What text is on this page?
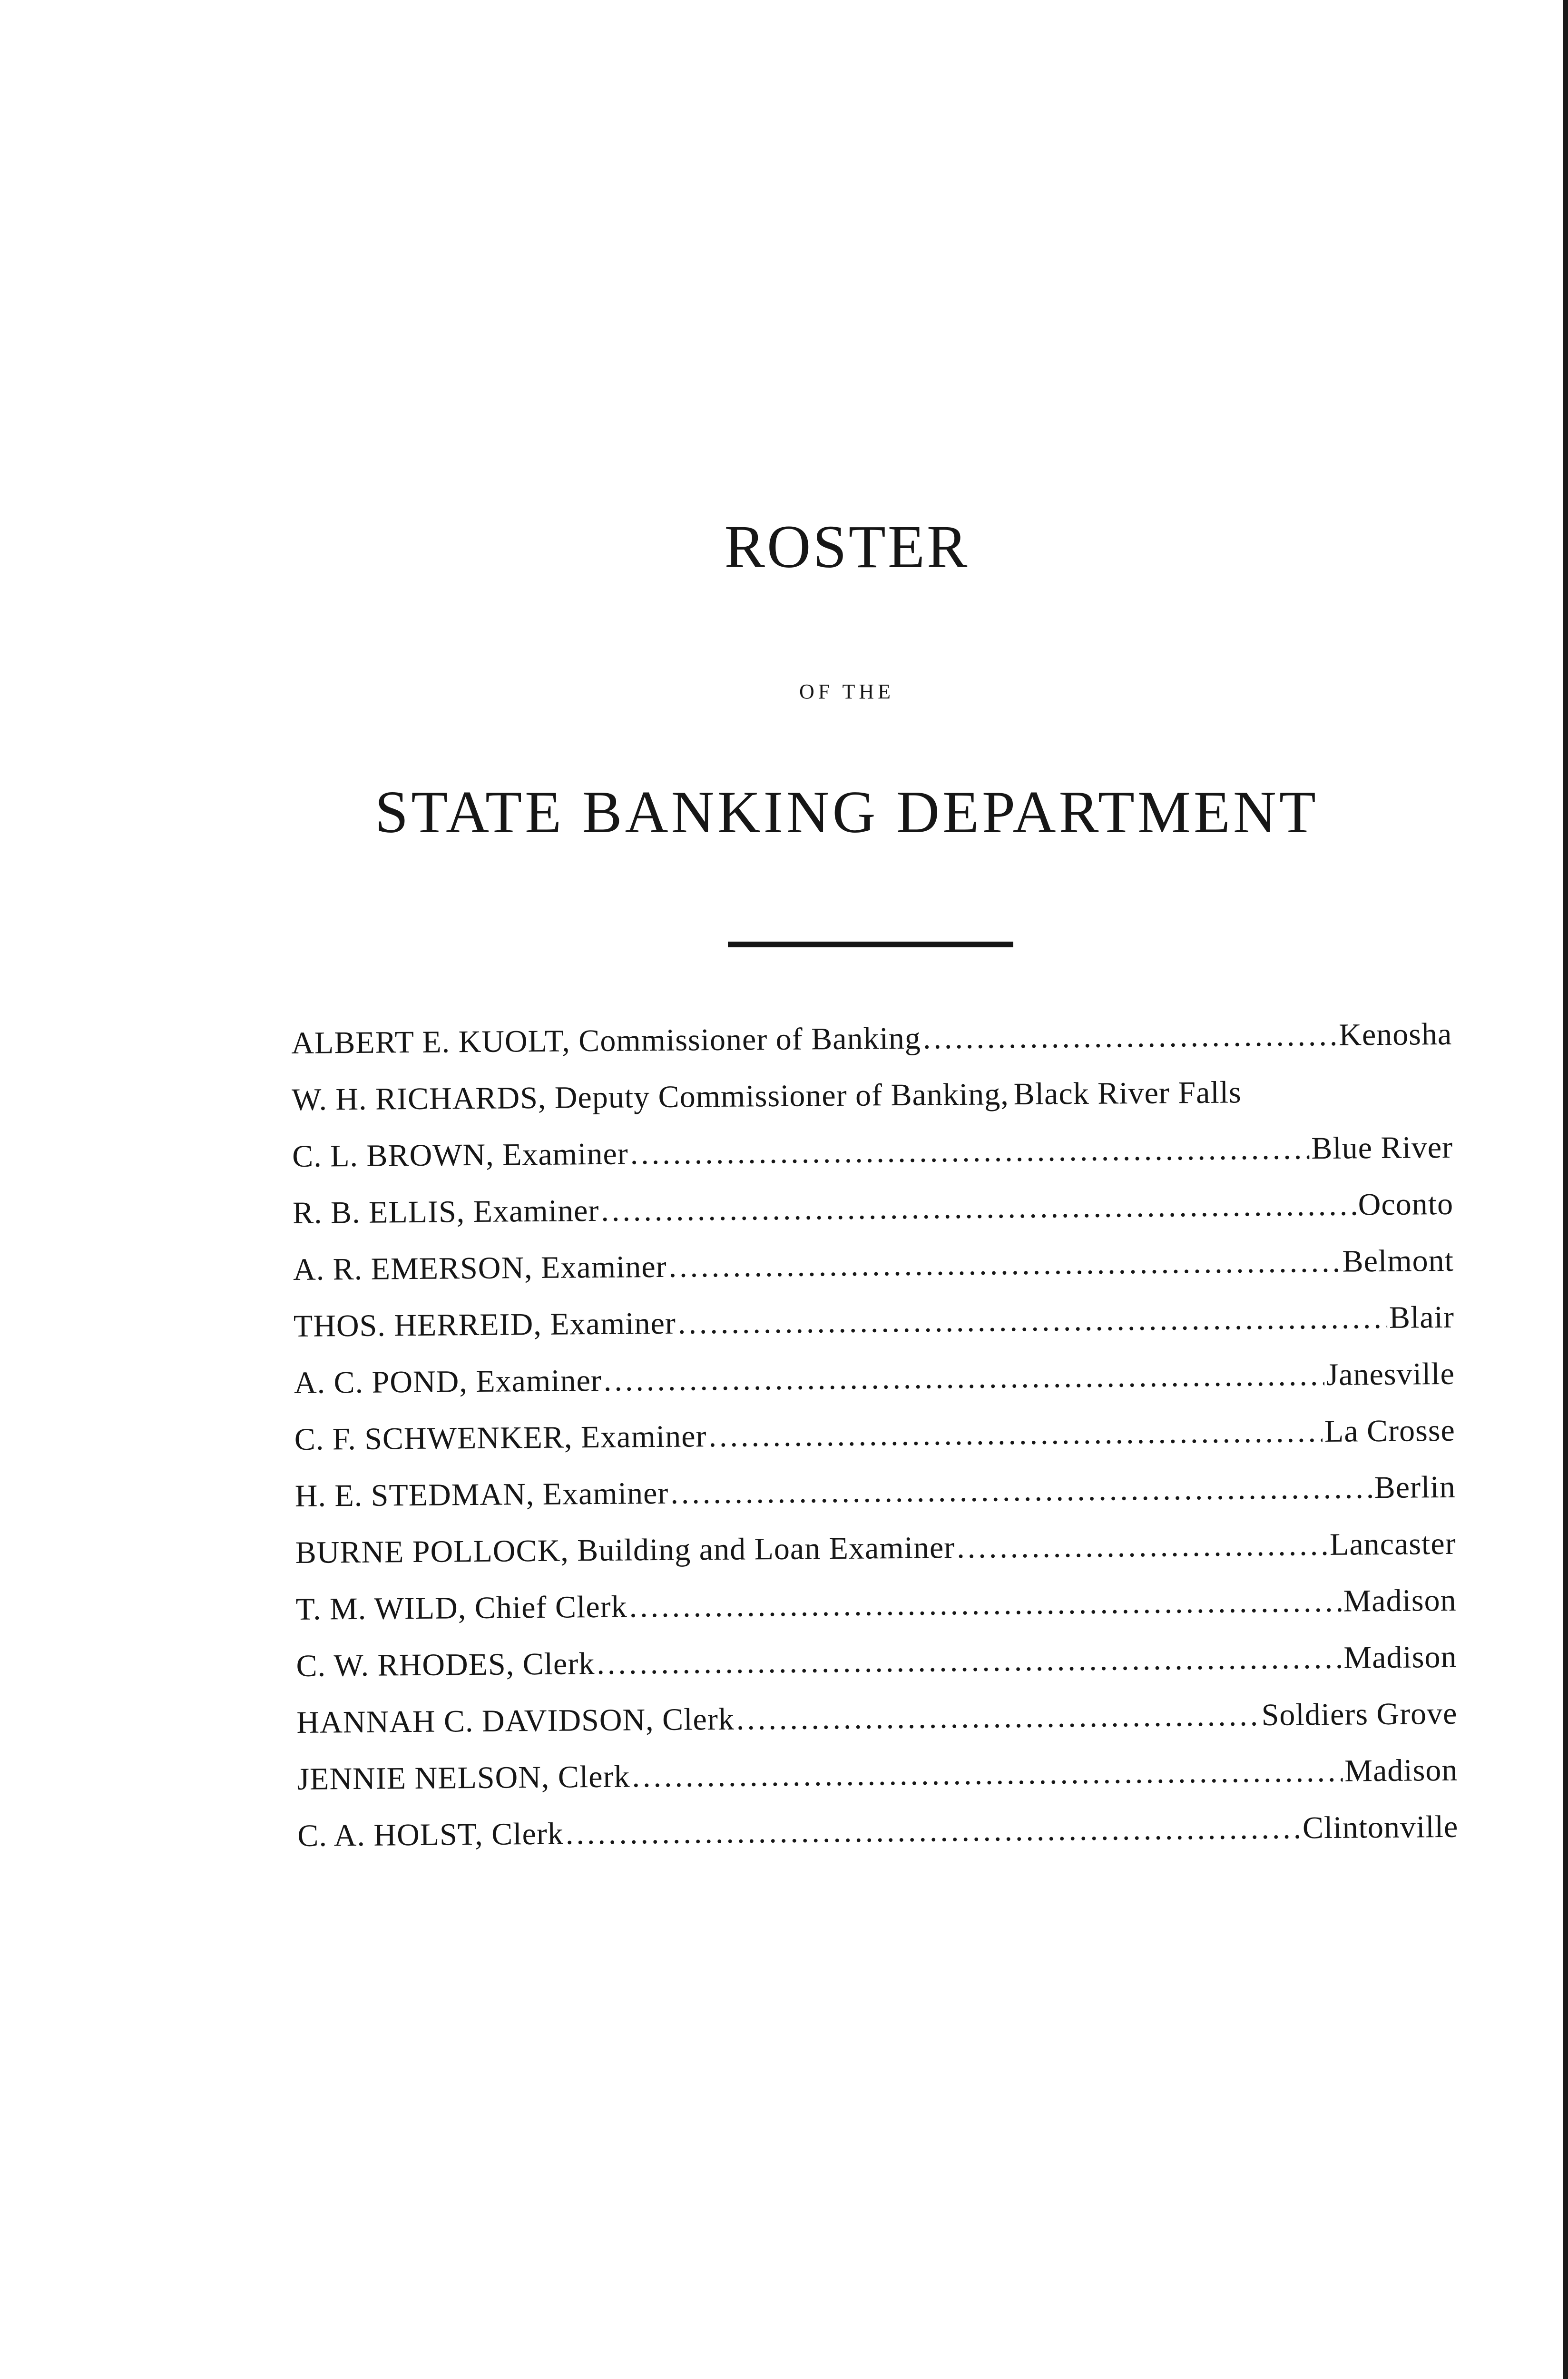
ROSTER
OF THE
STATE BANKING DEPARTMENT
ALBERT E. KUOLT, Commissioner of Banking .....	Kenosha
W. H. RICHARDS, Deputy Commissioner of Banking, Black River Falls
C. L. BROWN, Examiner .....	Blue River
R. B. ELLIS, Examiner .....	Oconto
A. R. EMERSON, Examiner .....	Belmont
THOS. HERREID, Examiner .....	Blair
A. C. POND, Examiner .....	Janesville
C. F. SCHWENKER, Examiner .....	La Crosse
H. E. STEDMAN, Examiner .....	Berlin
BURNE POLLOCK, Building and Loan Examiner .....	Lancaster
T. M. WILD, Chief Clerk .....	Madison
C. W. RHODES, Clerk .....	Madison
HANNAH C. DAVIDSON, Clerk .....	Soldiers Grove
JENNIE NELSON, Clerk .....	Madison
C. A. HOLST, Clerk .....	Clintonville
